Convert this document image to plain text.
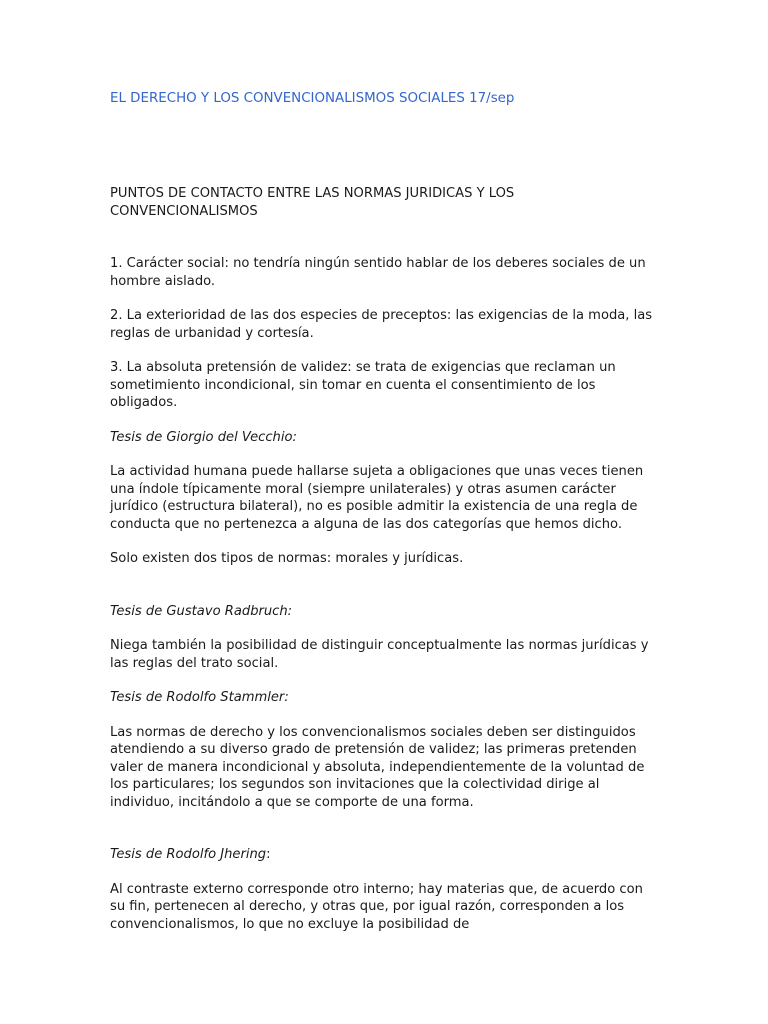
EL DERECHO Y LOS CONVENCIONALISMOS SOCIALES 17/sep

PUNTOS DE CONTACTO ENTRE LAS NORMAS JURIDICAS Y LOS
CONVENCIONALISMOS

1. Carácter social: no tendría ningún sentido hablar de los deberes sociales de un hombre aislado.

2. La exterioridad de las dos especies de preceptos: las exigencias de la moda, las reglas de urbanidad y cortesía.

3. La absoluta pretensión de validez: se trata de exigencias que reclaman un sometimiento incondicional, sin tomar en cuenta el consentimiento de los obligados.

Tesis de Giorgio del Vecchio:

La actividad humana puede hallarse sujeta a obligaciones que unas veces tienen una índole típicamente moral (siempre unilaterales) y otras asumen carácter jurídico (estructura bilateral), no es posible admitir la existencia de una regla de conducta que no pertenezca a alguna de las dos categorías que hemos dicho.

Solo existen dos tipos de normas: morales y jurídicas.

Tesis de Gustavo Radbruch:

Niega también la posibilidad de distinguir conceptualmente las normas jurídicas y las reglas del trato social.

Tesis de Rodolfo Stammler:

Las normas de derecho y los convencionalismos sociales deben ser distinguidos atendiendo a su diverso grado de pretensión de validez; las primeras pretenden valer de manera incondicional y absoluta, independientemente de la voluntad de los particulares; los segundos son invitaciones que la colectividad dirige al individuo, incitándolo a que se comporte de una forma.

Tesis de Rodolfo Jhering:

Al contraste externo corresponde otro interno; hay materias que, de acuerdo con su fin, pertenecen al derecho, y otras que, por igual razón, corresponden a los convencionalismos, lo que no excluye la posibilidad de
